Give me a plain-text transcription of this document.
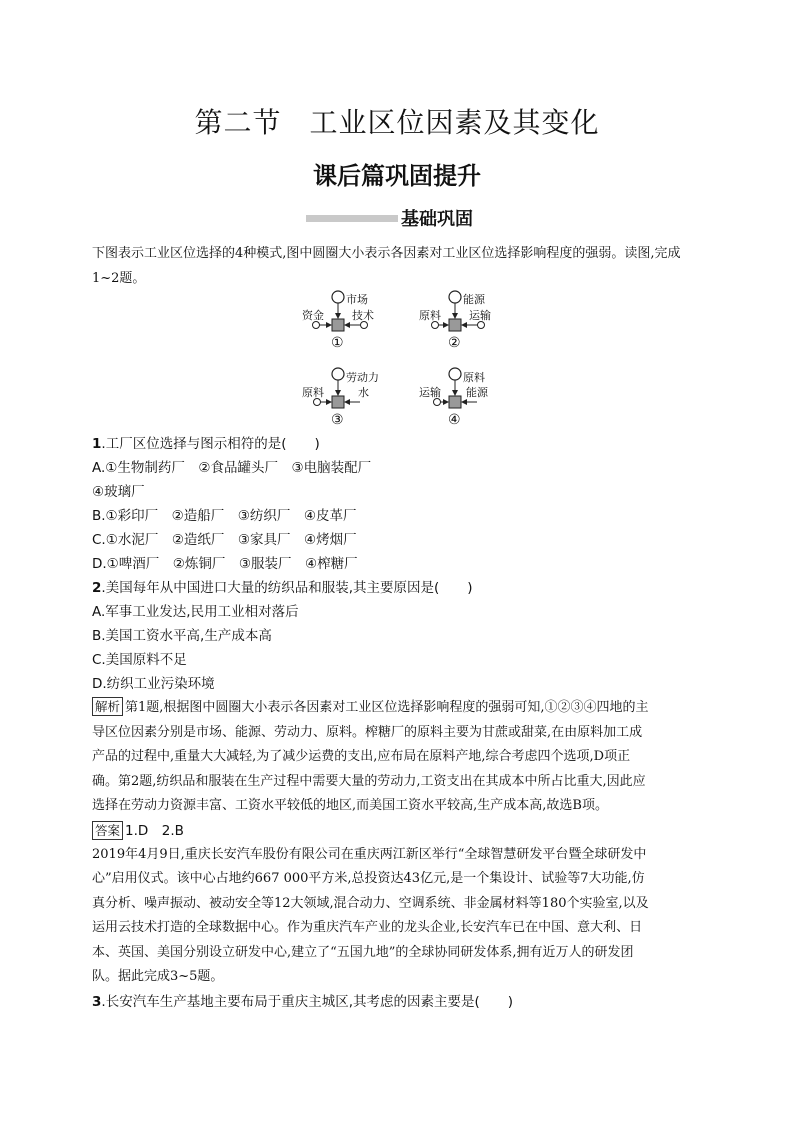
第二节 工业区位因素及其变化
课后篇巩固提升
基础巩固
下图表示工业区位选择的4种模式,图中圆圈大小表示各因素对工业区位选择影响程度的强弱。读图,完成1~2题。
市场
资金	技术
①
能源
原料	运输
②
劳动力
原料	水
③
原料
运输 能源
④
1.工厂区位选择与图示相符的是( )
A.①生物制药厂　②食品罐头厂　③电脑装配厂
④玻璃厂
B.①彩印厂　②造船厂　③纺织厂　④皮革厂
C.①水泥厂　②造纸厂　③家具厂　④烤烟厂
D.①啤酒厂　②炼铜厂　③服装厂　④榨糖厂
2.美国每年从中国进口大量的纺织品和服装,其主要原因是( )
A.军事工业发达,民用工业相对落后
B.美国工资水平高,生产成本高
C.美国原料不足
D.纺织工业污染环境
解析 第1题,根据图中圆圈大小表示各因素对工业区位选择影响程度的强弱可知,①②③④四地的主
导区位因素分别是市场、能源、劳动力、原料。榨糖厂的原料主要为甘蔗或甜菜,在由原料加工成
产品的过程中,重量大大减轻,为了减少运费的支出,应布局在原料产地,综合考虑四个选项,D项正
确。第2题,纺织品和服装在生产过程中需要大量的劳动力,工资支出在其成本中所占比重大,因此应
选择在劳动力资源丰富、工资水平较低的地区,而美国工资水平较高,生产成本高,故选B项。
答案 1.D　2.B
2019年4月9日,重庆长安汽车股份有限公司在重庆两江新区举行“全球智慧研发平台暨全球研发中
心”启用仪式。该中心占地约667 000平方米,总投资达43亿元,是一个集设计、试验等7大功能,仿
真分析、噪声振动、被动安全等12大领域,混合动力、空调系统、非金属材料等180个实验室,以及
运用云技术打造的全球数据中心。作为重庆汽车产业的龙头企业,长安汽车已在中国、意大利、日
本、英国、美国分别设立研发中心,建立了“五国九地”的全球协同研发体系,拥有近万人的研发团
队。据此完成3~5题。
3.长安汽车生产基地主要布局于重庆主城区,其考虑的因素主要是( )
